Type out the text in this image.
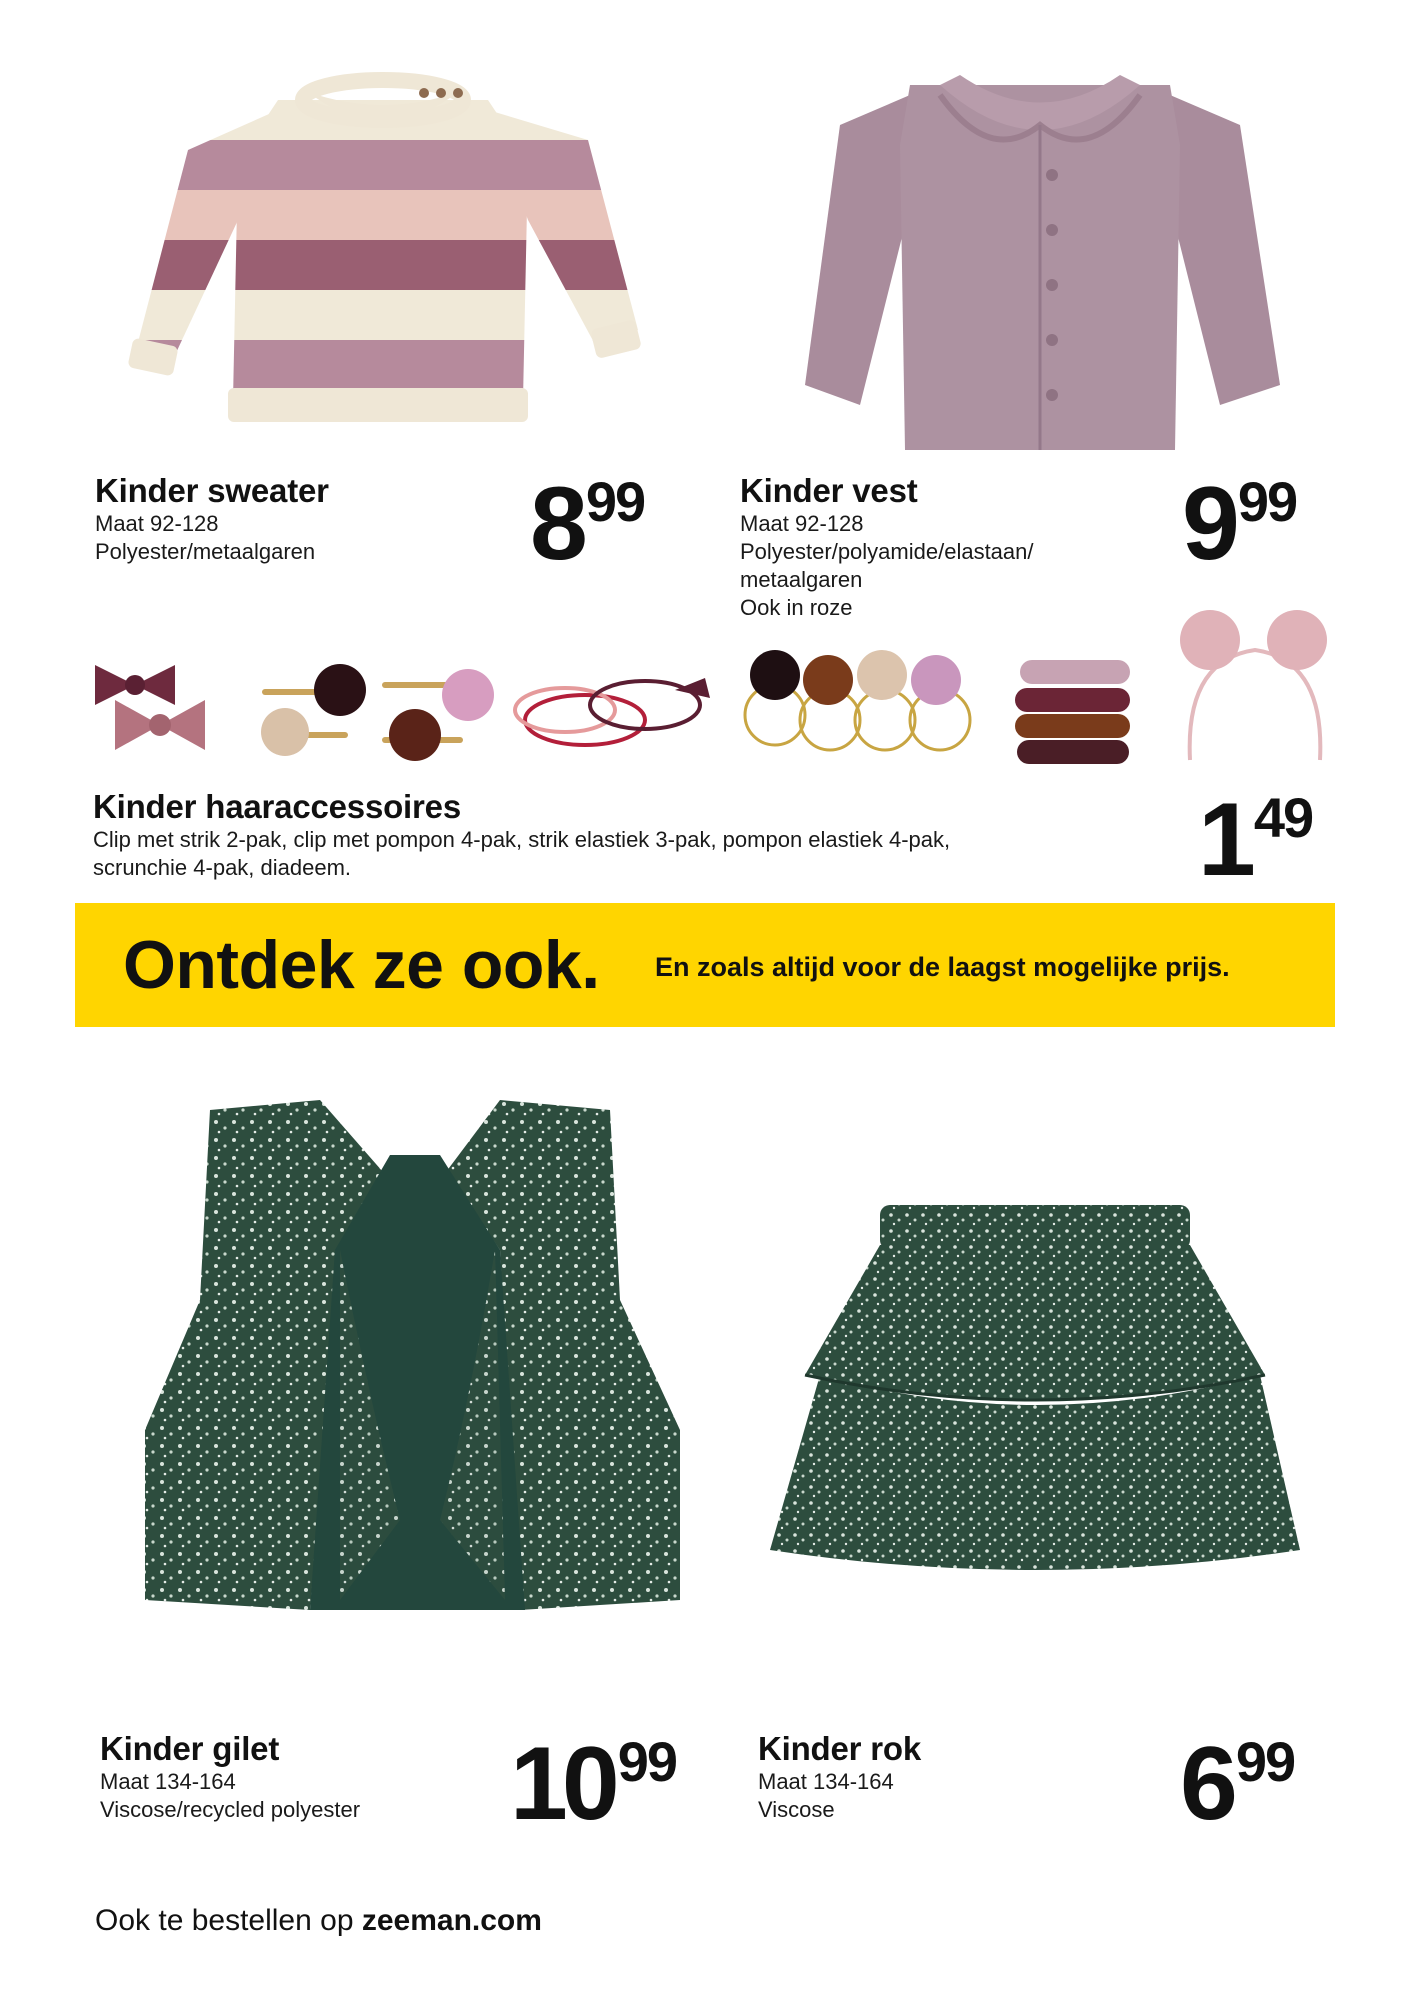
Kinder sweater
Maat 92-128
Polyester/metaalgaren	899	Kinder vest
Maat 92-128
Polyester/polyamide/elastaan/
metaalgaren
Ook in roze
999
Kinder haaraccessoires
Clip met strik 2-pak, clip met pompon 4-pak, strik elastiek 3-pak, pompon elastiek 4-pak,
scrunchie 4-pak, diadeem.	149
Ontdek ze ook. En zoals altijd voor de laagst mogelijke prijs.
Kinder gilet
Maat 134-164
Viscose/recycled polyester	1099 Kinder rok
Maat 134-164
Viscose	699
Ook te bestellen op zeeman.com
